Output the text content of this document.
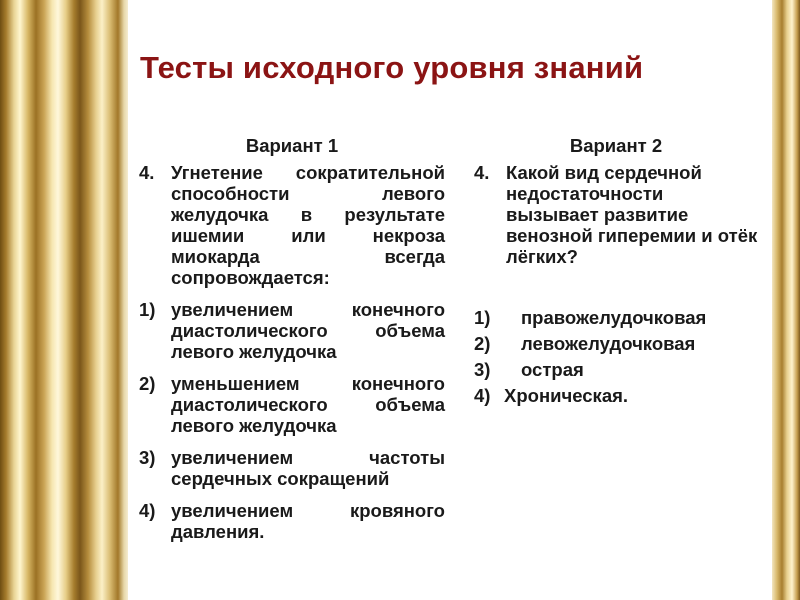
Тесты исходного уровня знаний
Вариант 1
4. Угнетение сократительной способности левого желудочка в результате ишемии или некроза миокарда всегда сопровождается:
1) увеличением конечного диастолического объема левого желудочка
2) уменьшением конечного диастолического объема левого желудочка
3) увеличением частоты сердечных сокращений
4) увеличением кровяного давления.
Вариант 2
4. Какой вид сердечной недостаточности вызывает развитие венозной гиперемии и отёк лёгких?
1) правожелудочковая
2) левожелудочковая
3) острая
4) Хроническая.
